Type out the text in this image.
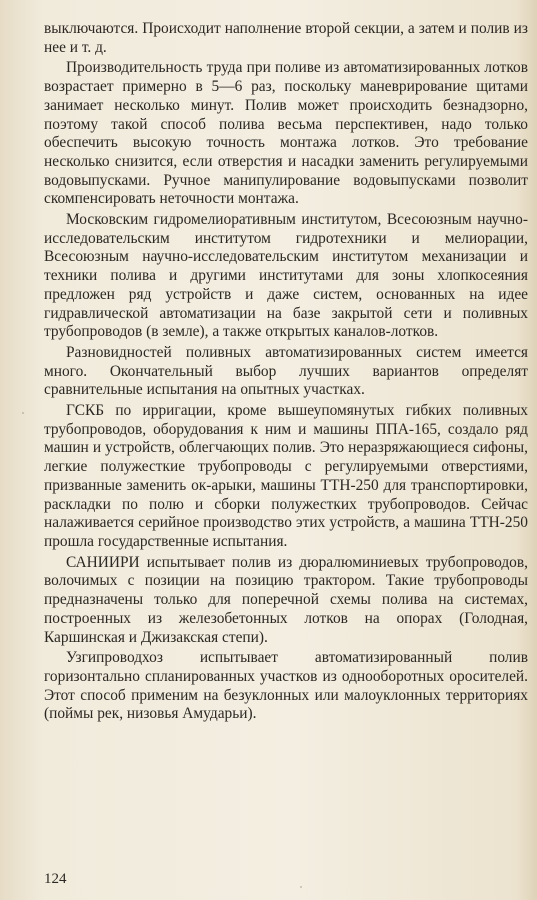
выключаются. Происходит наполнение второй секции, а затем и полив из нее и т. д.

Производительность труда при поливе из автоматизированных лотков возрастает примерно в 5—6 раз, поскольку маневрирование щитами занимает несколько минут. Полив может происходить безнадзорно, поэтому такой способ полива весьма перспективен, надо только обеспечить высокую точность монтажа лотков. Это требование несколько снизится, если отверстия и насадки заменить регулируемыми водовыпусками. Ручное манипулирование водовыпусками позволит скомпенсировать неточности монтажа.

Московским гидромелиоративным институтом, Всесоюзным научно-исследовательским институтом гидротехники и мелиорации, Всесоюзным научно-исследовательским институтом механизации и техники полива и другими институтами для зоны хлопкосеяния предложен ряд устройств и даже систем, основанных на идее гидравлической автоматизации на базе закрытой сети и поливных трубопроводов (в земле), а также открытых каналов-лотков.

Разновидностей поливных автоматизированных систем имеется много. Окончательный выбор лучших вариантов определят сравнительные испытания на опытных участках.

ГСКБ по ирригации, кроме вышеупомянутых гибких поливных трубопроводов, оборудования к ним и машины ППА-165, создало ряд машин и устройств, облегчающих полив. Это неразряжающиеся сифоны, легкие полужесткие трубопроводы с регулируемыми отверстиями, призванные заменить ок-арыки, машины ТТН-250 для транспортировки, раскладки по полю и сборки полужестких трубопроводов. Сейчас налаживается серийное производство этих устройств, а машина ТТН-250 прошла государственные испытания.

САНИИРИ испытывает полив из дюралюминиевых трубопроводов, волочимых с позиции на позицию трактором. Такие трубопроводы предназначены только для поперечной схемы полива на системах, построенных из железобетонных лотков на опорах (Голодная, Каршинская и Джизакская степи).

Узгипроводхоз испытывает автоматизированный полив горизонтально спланированных участков из однооборотных оросителей. Этот способ применим на безуклонных или малоуклонных территориях (поймы рек, низовья Амударьи).

124
